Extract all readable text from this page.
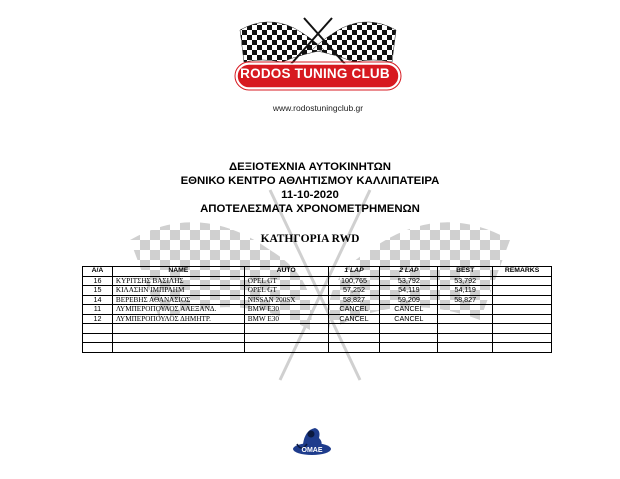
RODOS TUNING CLUB
www.rodostuningclub.gr
ΔΕΞΙΟΤΕΧΝΙΑ ΑΥΤΟΚΙΝΗΤΩΝ
ΕΘΝΙΚΟ ΚΕΝΤΡΟ ΑΘΛΗΤΙΣΜΟΥ ΚΑΛΛΙΠΑΤΕΙΡΑ
11-10-2020
ΑΠΟΤΕΛΕΣΜΑΤΑ ΧΡΟΝΟΜΕΤΡΗΜΕΝΩΝ
ΚΑΤΗΓΟΡΙΑ RWD
A/A	NAME	AUTO	1 LAP	2 LAP	BEST	REMARKS
16	ΚΥΡΙΤΣΗΣ ΒΑΣΙΛΗΣ	OPEL GT	100,765	53,792	53,792	
15	ΚΙΛΑΣΗΝ ΙΜΠΡΑΗΜ	OPEL GT	57,252	54,119	54,119	
14	ΒΕΡΕΒΗΣ ΑΘΑΝΑΣΙΟΣ	NISSAN 200SX	58,827	59,209	58,827	
11	ΛΥΜΠΕΡΟΠΟΥΛΟΣ ΑΛΕΞΑΝΔ.	BMW E30	CANCEL	CANCEL		
12	ΛΥΜΠΕΡΟΠΟΥΛΟΣ ΔΗΜΗΤΡ.	BMW E30	CANCEL	CANCEL		

OMAE
